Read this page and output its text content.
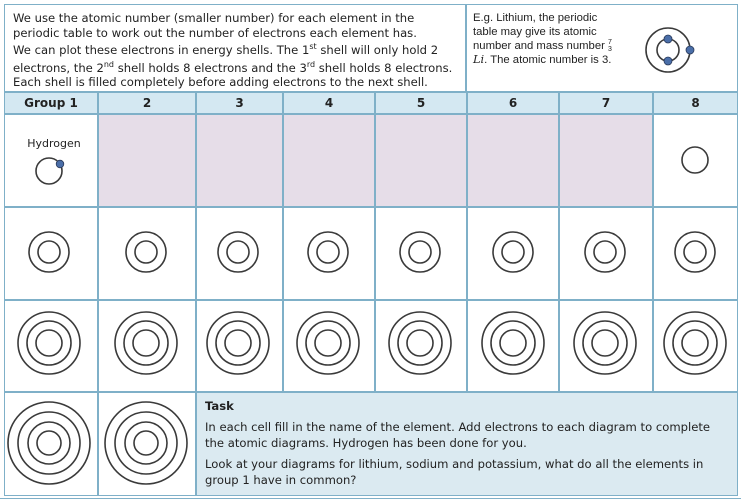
We use the atomic number (smaller number) for each element in the periodic table to work out the number of electrons each element has.

We can plot these electrons in energy shells. The 1st shell will only hold 2 electrons, the 2nd shell holds 8 electrons and the 3rd shell holds 8 electrons. Each shell is filled completely before adding electrons to the next shell.

E.g. Lithium, the periodic table may give its atomic number and mass number 7
3
Li. The atomic number is 3.
Group 1	2	3	4	5	6	7	8
Hydrogen
Task

In each cell fill in the name of the element. Add electrons to each diagram to complete the atomic diagrams. Hydrogen has been done for you.

Look at your diagrams for lithium, sodium and potassium, what do all the elements in group 1 have in common?
